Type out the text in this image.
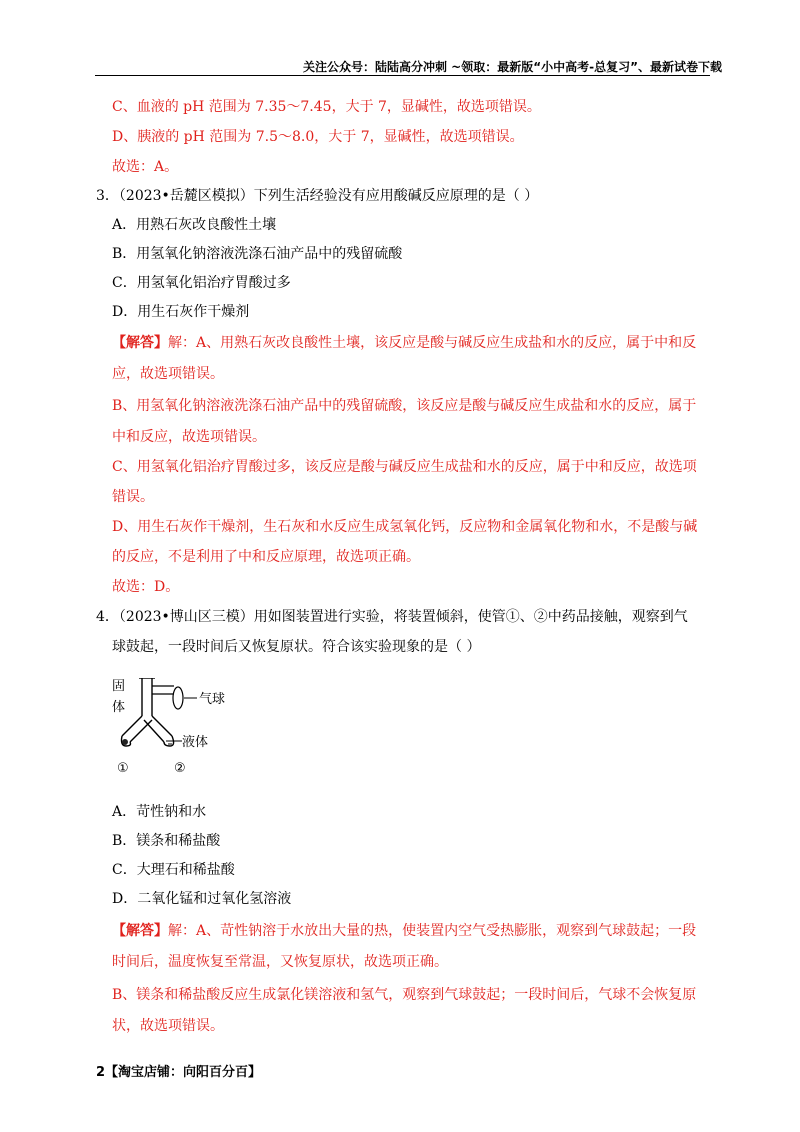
关注公众号：陆陆高分冲刺 ~领取：最新版“小中高考-总复习”、最新试卷下载
C、血液的 pH 范围为 7.35～7.45，大于 7，显碱性，故选项错误。
D、胰液的 pH 范围为 7.5～8.0，大于 7，显碱性，故选项错误。
故选：A。
3．（2023•岳麓区模拟）下列生活经验没有应用酸碱反应原理的是（ ）
A．用熟石灰改良酸性土壤
B．用氢氧化钠溶液洗涤石油产品中的残留硫酸
C．用氢氧化铝治疗胃酸过多
D．用生石灰作干燥剂
【解答】解：A、用熟石灰改良酸性土壤，该反应是酸与碱反应生成盐和水的反应，属于中和反
应，故选项错误。
B、用氢氧化钠溶液洗涤石油产品中的残留硫酸，该反应是酸与碱反应生成盐和水的反应，属于
中和反应，故选项错误。
C、用氢氧化铝治疗胃酸过多，该反应是酸与碱反应生成盐和水的反应，属于中和反应，故选项
错误。
D、用生石灰作干燥剂，生石灰和水反应生成氢氧化钙，反应物和金属氧化物和水，不是酸与碱
的反应，不是利用了中和反应原理，故选项正确。
故选：D。
4．（2023•博山区三模）用如图装置进行实验，将装置倾斜，使管①、②中药品接触，观察到气
球鼓起，一段时间后又恢复原状。符合该实验现象的是（ ）
固
体
气球
液体
①	②
A．苛性钠和水
B．镁条和稀盐酸
C．大理石和稀盐酸
D．二氧化锰和过氧化氢溶液
【解答】解：A、苛性钠溶于水放出大量的热，使装置内空气受热膨胀，观察到气球鼓起；一段
时间后，温度恢复至常温，又恢复原状，故选项正确。
B、镁条和稀盐酸反应生成氯化镁溶液和氢气，观察到气球鼓起；一段时间后，气球不会恢复原
状，故选项错误。
2【淘宝店铺：向阳百分百】
